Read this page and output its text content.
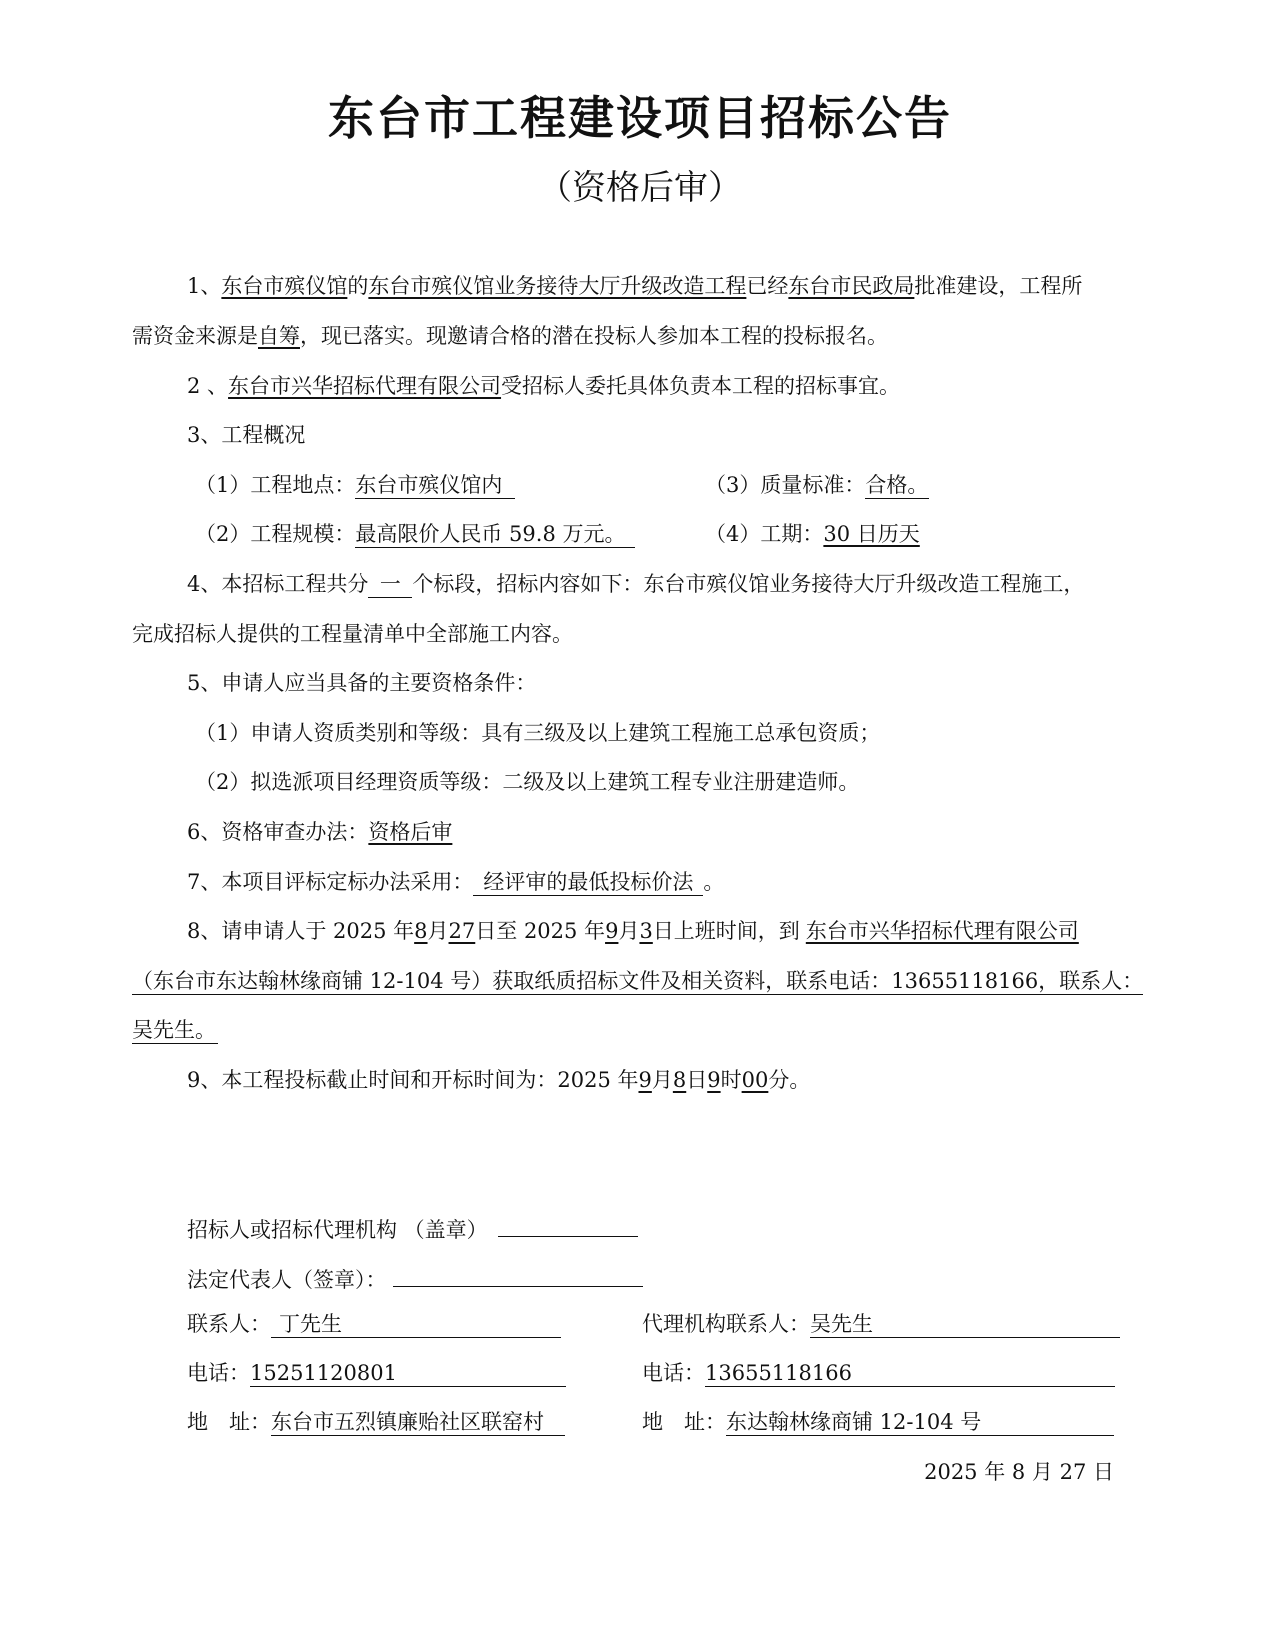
东台市工程建设项目招标公告
（资格后审）
1、东台市殡仪馆的东台市殡仪馆业务接待大厅升级改造工程已经东台市民政局批准建设，工程所
需资金来源是自筹，现已落实。现邀请合格的潜在投标人参加本工程的投标报名。
2 、东台市兴华招标代理有限公司受招标人委托具体负责本工程的招标事宜。
3、工程概况
（1）工程地点：东台市殡仪馆内	（3）质量标准：合格。
（2）工程规模：最高限价人民币 59.8 万元。	（4）工期：30 日历天
4、本招标工程共分 一 个标段，招标内容如下：东台市殡仪馆业务接待大厅升级改造工程施工，
完成招标人提供的工程量清单中全部施工内容。
5、申请人应当具备的主要资格条件：
（1）申请人资质类别和等级：具有三级及以上建筑工程施工总承包资质；
（2）拟选派项目经理资质等级：二级及以上建筑工程专业注册建造师。
6、资格审查办法：资格后审
7、本项目评标定标办法采用： 经评审的最低投标价法 。
8、请申请人于 2025 年8月27日至 2025 年9月3日上班时间，到 东台市兴华招标代理有限公司
（东台市东达翰林缘商铺 12-104 号）获取纸质招标文件及相关资料，联系电话：13655118166，联系人：
吴先生。
9、本工程投标截止时间和开标时间为：2025 年9月8日9时00分。
招标人或招标代理机构 （盖章）
法定代表人（签章）：
联系人： 丁先生	代理机构联系人：吴先生
电话：15251120801	电话：13655118166
地　址：东台市五烈镇廉贻社区联窑村	地　址：东达翰林缘商铺 12-104 号
2025 年 8 月 27 日
